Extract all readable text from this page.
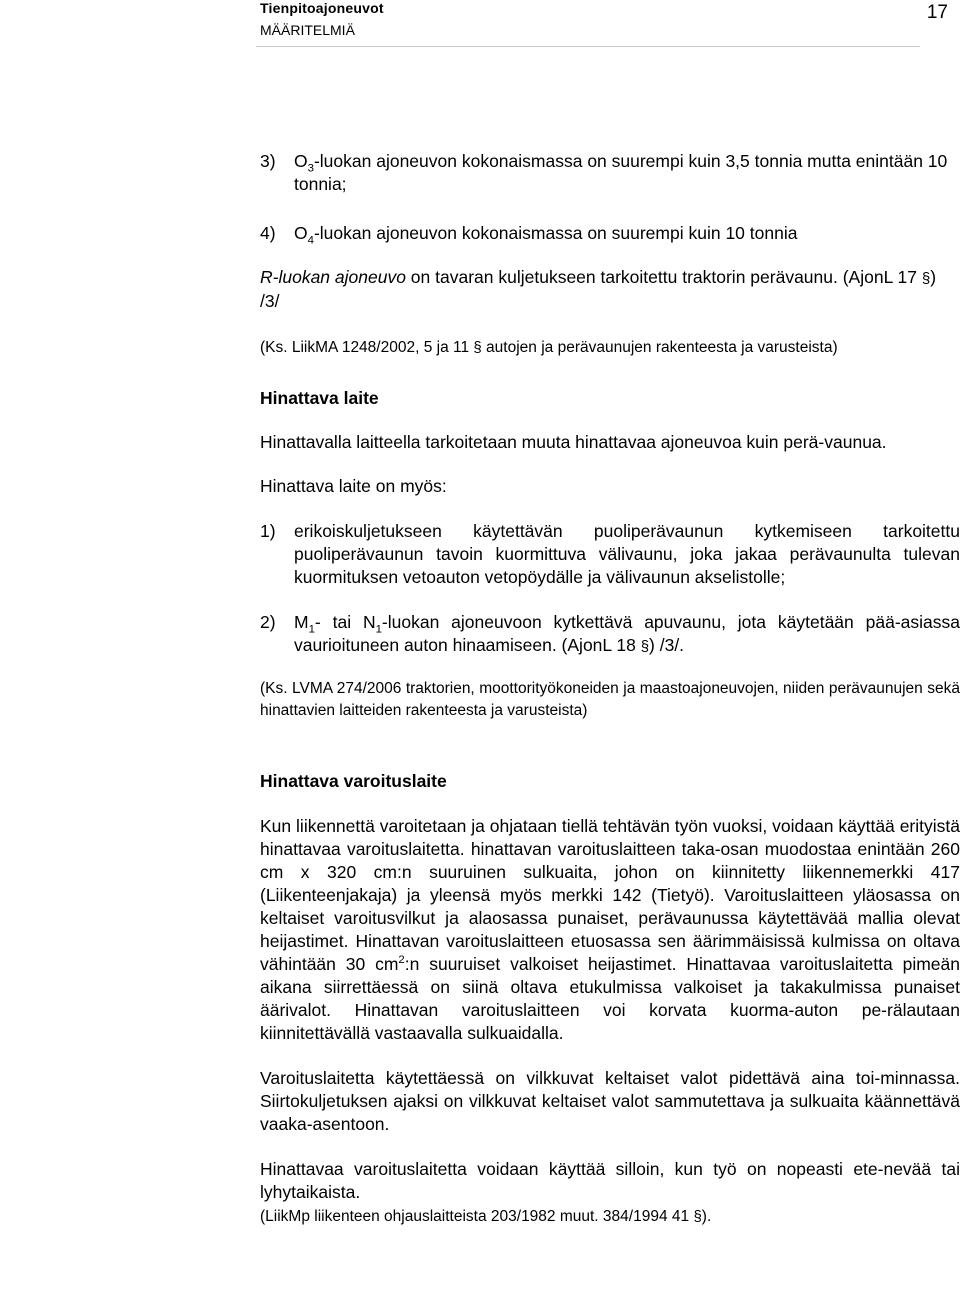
Tienpitoajoneuvot
MÄÄRITELMIÄ
17
3)	$O_3$-luokan ajoneuvon kokonaismassa on suurempi kuin 3,5 tonnia mutta enintään 10 tonnia;
4)	$O_4$-luokan ajoneuvon kokonaismassa on suurempi kuin 10 tonnia

R-luokan ajoneuvo on tavaran kuljetukseen tarkoitettu traktorin perävaunu. (AjonL 17 §) /3/

(Ks. LiikMA 1248/2002, 5 ja 11 § autojen ja perävaunujen rakenteesta ja varusteista)

Hinattava laite

Hinattavalla laitteella tarkoitetaan muuta hinattavaa ajoneuvoa kuin perä-vaunua.

Hinattava laite on myös:

1)	erikoiskuljetukseen käytettävän puoliperävaunun kytkemiseen tarkoitettu puoliperävaunun tavoin kuormittuva välivaunu, joka jakaa perävaunulta tulevan kuormituksen vetoauton vetopöydälle ja välivaunun akselistolle;
2)	$M_1-$ tai $N_1$-luokan ajoneuvoon kytkettävä apuvaunu, jota käytetään pää-asiassa vaurioituneen auton hinaamiseen. (AjonL 18 §) /3/.

(Ks. LVMA 274/2006 traktorien, moottorityökoneiden ja maastoajoneuvojen, niiden perävaunujen sekä hinattavien laitteiden rakenteesta ja varusteista)

Hinattava varoituslaite

Kun liikennettä varoitetaan ja ohjataan tiellä tehtävän työn vuoksi, voidaan käyttää erityistä hinattavaa varoituslaitetta. hinattavan varoituslaitteen taka-osan muodostaa enintään 260 cm x 320 cm:n suuruinen sulkuaita, johon on kiinnitetty liikennemerkki 417 (Liikenteenjakaja) ja yleensä myös merkki 142 (Tietyö). Varoituslaitteen yläosassa on keltaiset varoitusvilkut ja alaosassa punaiset, perävaunussa käytettävää mallia olevat heijastimet. Hinattavan varoituslaitteen etuosassa sen äärimmäisissä kulmissa on oltava vähintään 30 $cm^2:n$ suuruiset valkoiset heijastimet. Hinattavaa varoituslaitetta pimeän aikana siirrettäessä on siinä oltava etukulmissa valkoiset ja takakulmissa punaiset äärivalot. Hinattavan varoituslaitteen voi korvata kuorma-auton pe-rälautaan kiinnitettävällä vastaavalla sulkuaidalla.

Varoituslaitetta käytettäessä on vilkkuvat keltaiset valot pidettävä aina toi-minnassa. Siirtokuljetuksen ajaksi on vilkkuvat keltaiset valot sammutettava ja sulkuaita käännettävä vaaka-asentoon.

Hinattavaa varoituslaitetta voidaan käyttää silloin, kun työ on nopeasti ete-nevää tai lyhytaikaista.

(LiikMp liikenteen ohjauslaitteista 203/1982 muut. 384/1994 41 §).
